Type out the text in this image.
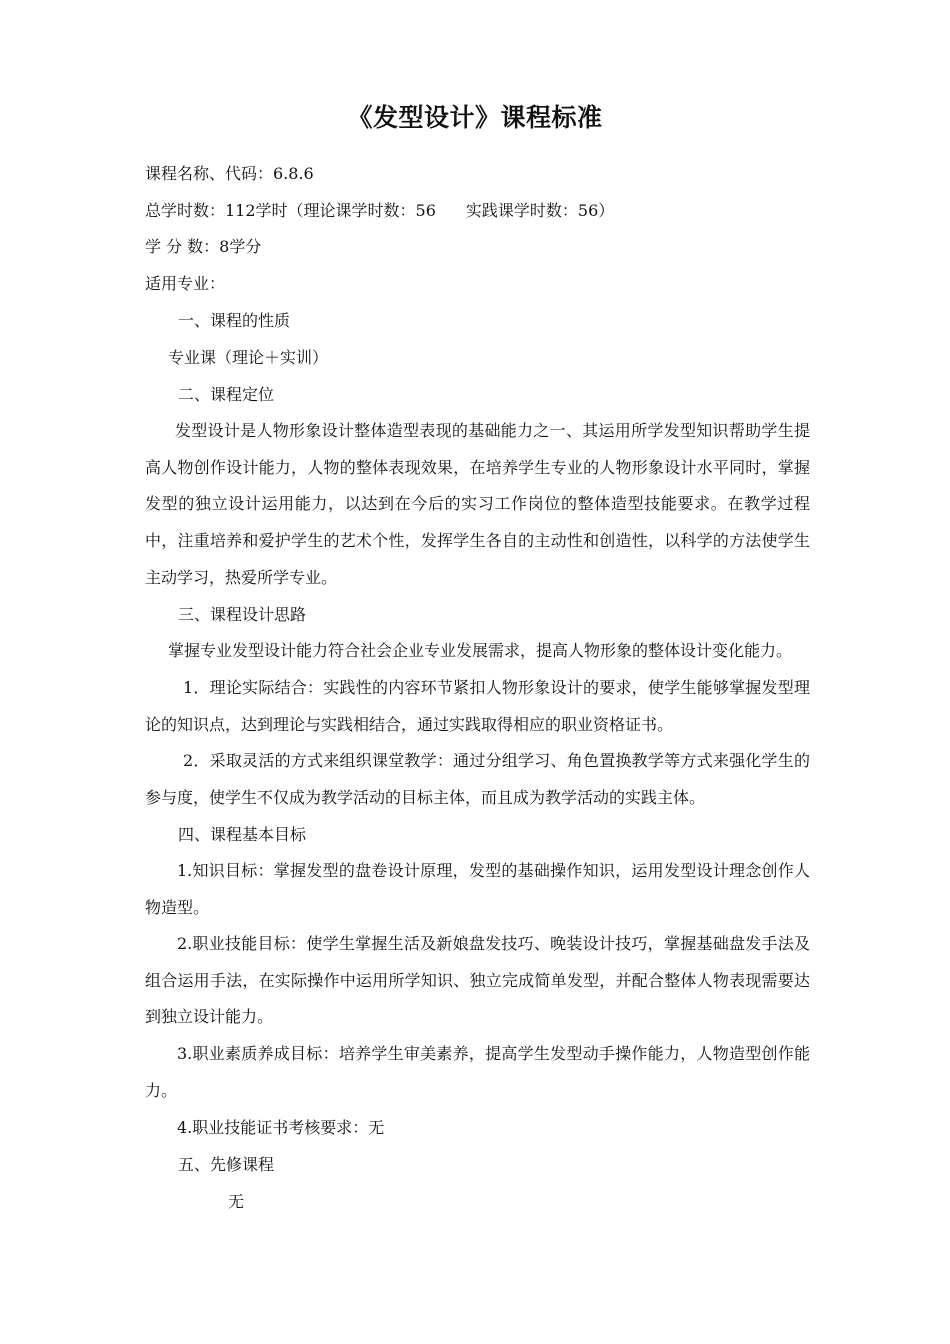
《发型设计》课程标准
课程名称、代码：6.8.6
总学时数：112学时（理论课学时数：56 实践课学时数：56）
学 分 数：8学分
适用专业：
一、课程的性质
专业课（理论＋实训）
二、课程定位

发型设计是人物形象设计整体造型表现的基础能力之一、其运用所学发型知识帮助学生提高人物创作设计能力，人物的整体表现效果，在培养学生专业的人物形象设计水平同时，掌握发型的独立设计运用能力，以达到在今后的实习工作岗位的整体造型技能要求。在教学过程中，注重培养和爱护学生的艺术个性，发挥学生各自的主动性和创造性，以科学的方法使学生主动学习，热爱所学专业。

三、课程设计思路

掌握专业发型设计能力符合社会企业专业发展需求，提高人物形象的整体设计变化能力。

1．理论实际结合：实践性的内容环节紧扣人物形象设计的要求，使学生能够掌握发型理论的知识点，达到理论与实践相结合，通过实践取得相应的职业资格证书。

2．采取灵活的方式来组织课堂教学：通过分组学习、角色置换教学等方式来强化学生的参与度，使学生不仅成为教学活动的目标主体，而且成为教学活动的实践主体。

四、课程基本目标

1.知识目标：掌握发型的盘卷设计原理，发型的基础操作知识，运用发型设计理念创作人物造型。

2.职业技能目标：使学生掌握生活及新娘盘发技巧、晚装设计技巧，掌握基础盘发手法及组合运用手法，在实际操作中运用所学知识、独立完成简单发型，并配合整体人物表现需要达到独立设计能力。

3.职业素质养成目标：培养学生审美素养，提高学生发型动手操作能力，人物造型创作能力。

4.职业技能证书考核要求：无
五、先修课程
无
